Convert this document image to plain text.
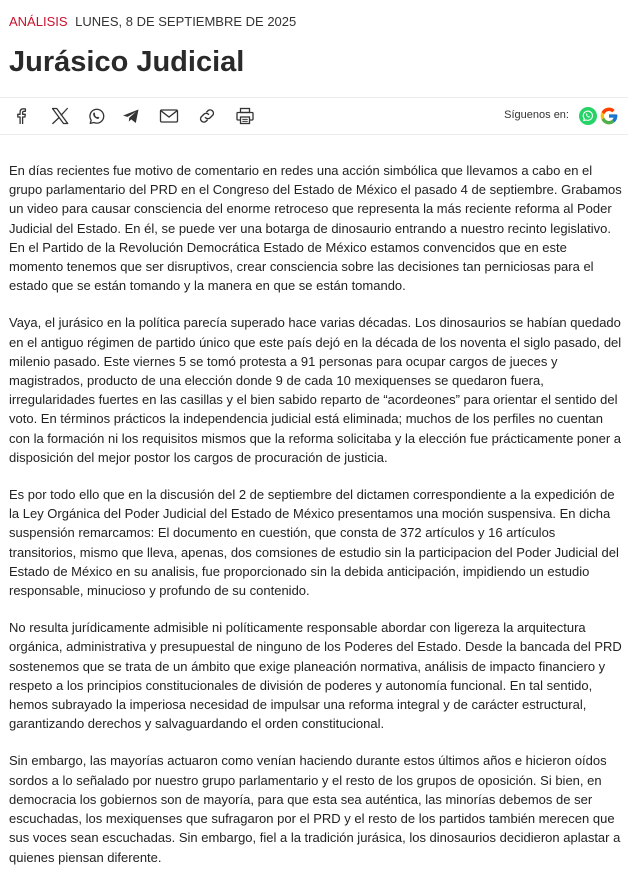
ANÁLISIS LUNES, 8 DE SEPTIEMBRE DE 2025
Jurásico Judicial
Síguenos en:

En días recientes fue motivo de comentario en redes una acción simbólica que llevamos a cabo en el grupo parlamentario del PRD en el Congreso del Estado de México el pasado 4 de septiembre. Grabamos un video para causar consciencia del enorme retroceso que representa la más reciente reforma al Poder Judicial del Estado. En él, se puede ver una botarga de dinosaurio entrando a nuestro recinto legislativo. En el Partido de la Revolución Democrática Estado de México estamos convencidos que en este momento tenemos que ser disruptivos, crear consciencia sobre las decisiones tan perniciosas para el estado que se están tomando y la manera en que se están tomando.

Vaya, el jurásico en la política parecía superado hace varias décadas. Los dinosaurios se habían quedado en el antiguo régimen de partido único que este país dejó en la década de los noventa el siglo pasado, del milenio pasado. Este viernes 5 se tomó protesta a 91 personas para ocupar cargos de jueces y magistrados, producto de una elección donde 9 de cada 10 mexiquenses se quedaron fuera, irregularidades fuertes en las casillas y el bien sabido reparto de “acordeones” para orientar el sentido del voto. En términos prácticos la independencia judicial está eliminada; muchos de los perfiles no cuentan con la formación ni los requisitos mismos que la reforma solicitaba y la elección fue prácticamente poner a disposición del mejor postor los cargos de procuración de justicia.

Es por todo ello que en la discusión del 2 de septiembre del dictamen correspondiente a la expedición de la Ley Orgánica del Poder Judicial del Estado de México presentamos una moción suspensiva. En dicha suspensión remarcamos: El documento en cuestión, que consta de 372 artículos y 16 artículos transitorios, mismo que lleva, apenas, dos comsiones de estudio sin la participacion del Poder Judicial del Estado de México en su analisis, fue proporcionado sin la debida anticipación, impidiendo un estudio responsable, minucioso y profundo de su contenido.

No resulta jurídicamente admisible ni políticamente responsable abordar con ligereza la arquitectura orgánica, administrativa y presupuestal de ninguno de los Poderes del Estado. Desde la bancada del PRD sostenemos que se trata de un ámbito que exige planeación normativa, análisis de impacto financiero y respeto a los principios constitucionales de división de poderes y autonomía funcional. En tal sentido, hemos subrayado la imperiosa necesidad de impulsar una reforma integral y de carácter estructural, garantizando derechos y salvaguardando el orden constitucional.

Sin embargo, las mayorías actuaron como venían haciendo durante estos últimos años e hicieron oídos sordos a lo señalado por nuestro grupo parlamentario y el resto de los grupos de oposición. Si bien, en democracia los gobiernos son de mayoría, para que esta sea auténtica, las minorías debemos de ser escuchadas, los mexiquenses que sufragaron por el PRD y el resto de los partidos también merecen que sus voces sean escuchadas. Sin embargo, fiel a la tradición jurásica, los dinosaurios decidieron aplastar a quienes piensan diferente.
